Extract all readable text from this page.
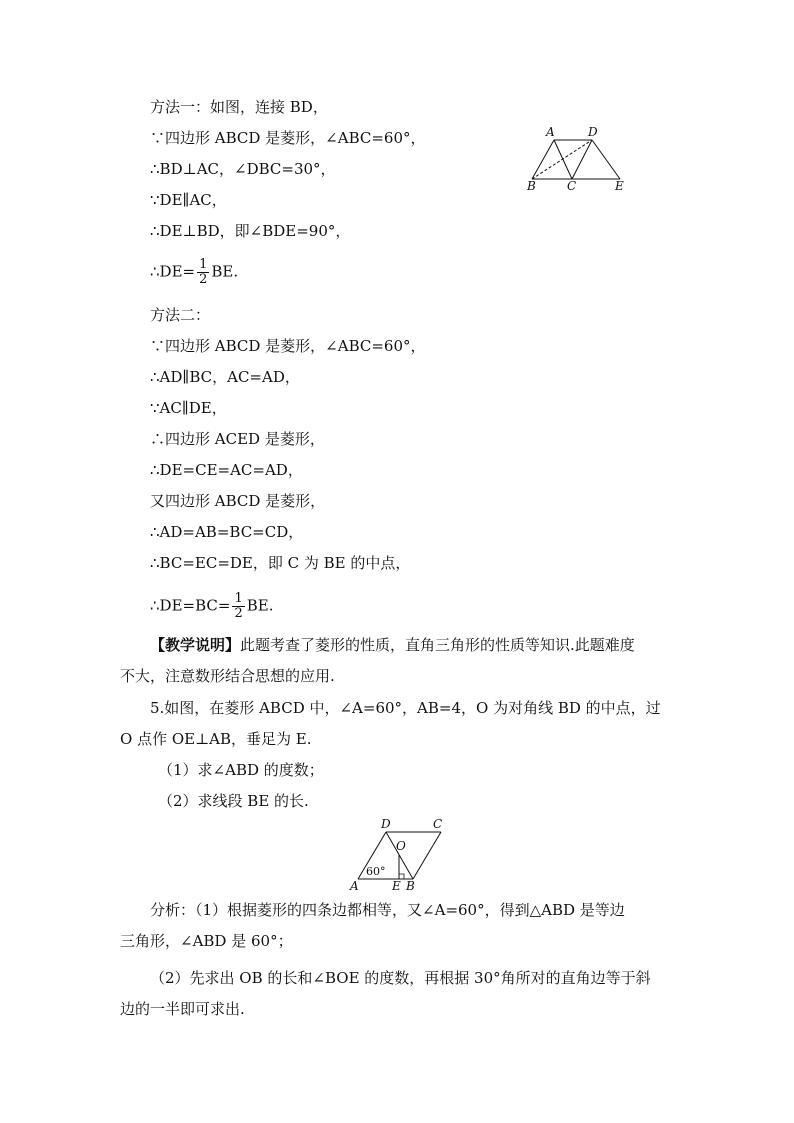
方法一：如图，连接 BD，
∵四边形 ABCD 是菱形，∠ABC=60°，
∴BD⊥AC，∠DBC=30°，
∵DE∥AC，
∴DE⊥BD，即∠BDE=90°，
∴DE= $\frac{1}{2}$ BE.
A	D
B	C	E
方法二：
∵四边形 ABCD 是菱形，∠ABC=60°，
∴AD∥BC，AC=AD，
∵AC∥DE，
∴四边形 ACED 是菱形，
∴DE=CE=AC=AD，
又四边形 ABCD 是菱形，
∴AD=AB=BC=CD，
∴BC=EC=DE，即 C 为 BE 的中点，
∴DE=BC= $\frac{1}{2}$ BE.
【教学说明】此题考查了菱形的性质，直角三角形的性质等知识.此题难度
不大，注意数形结合思想的应用.
5.如图，在菱形 ABCD 中，∠A=60°，AB=4，O 为对角线 BD 的中点，过
O 点作 OE⊥AB，垂足为 E.
（1）求∠ABD 的度数；
（2）求线段 BE 的长.
D	C
O
60°
A	E B
分析：（1）根据菱形的四条边都相等，又∠A=60°，得到△ABD 是等边
三角形，∠ABD 是 60°；
（2）先求出 OB 的长和∠BOE 的度数，再根据 30°角所对的直角边等于斜
边的一半即可求出.
